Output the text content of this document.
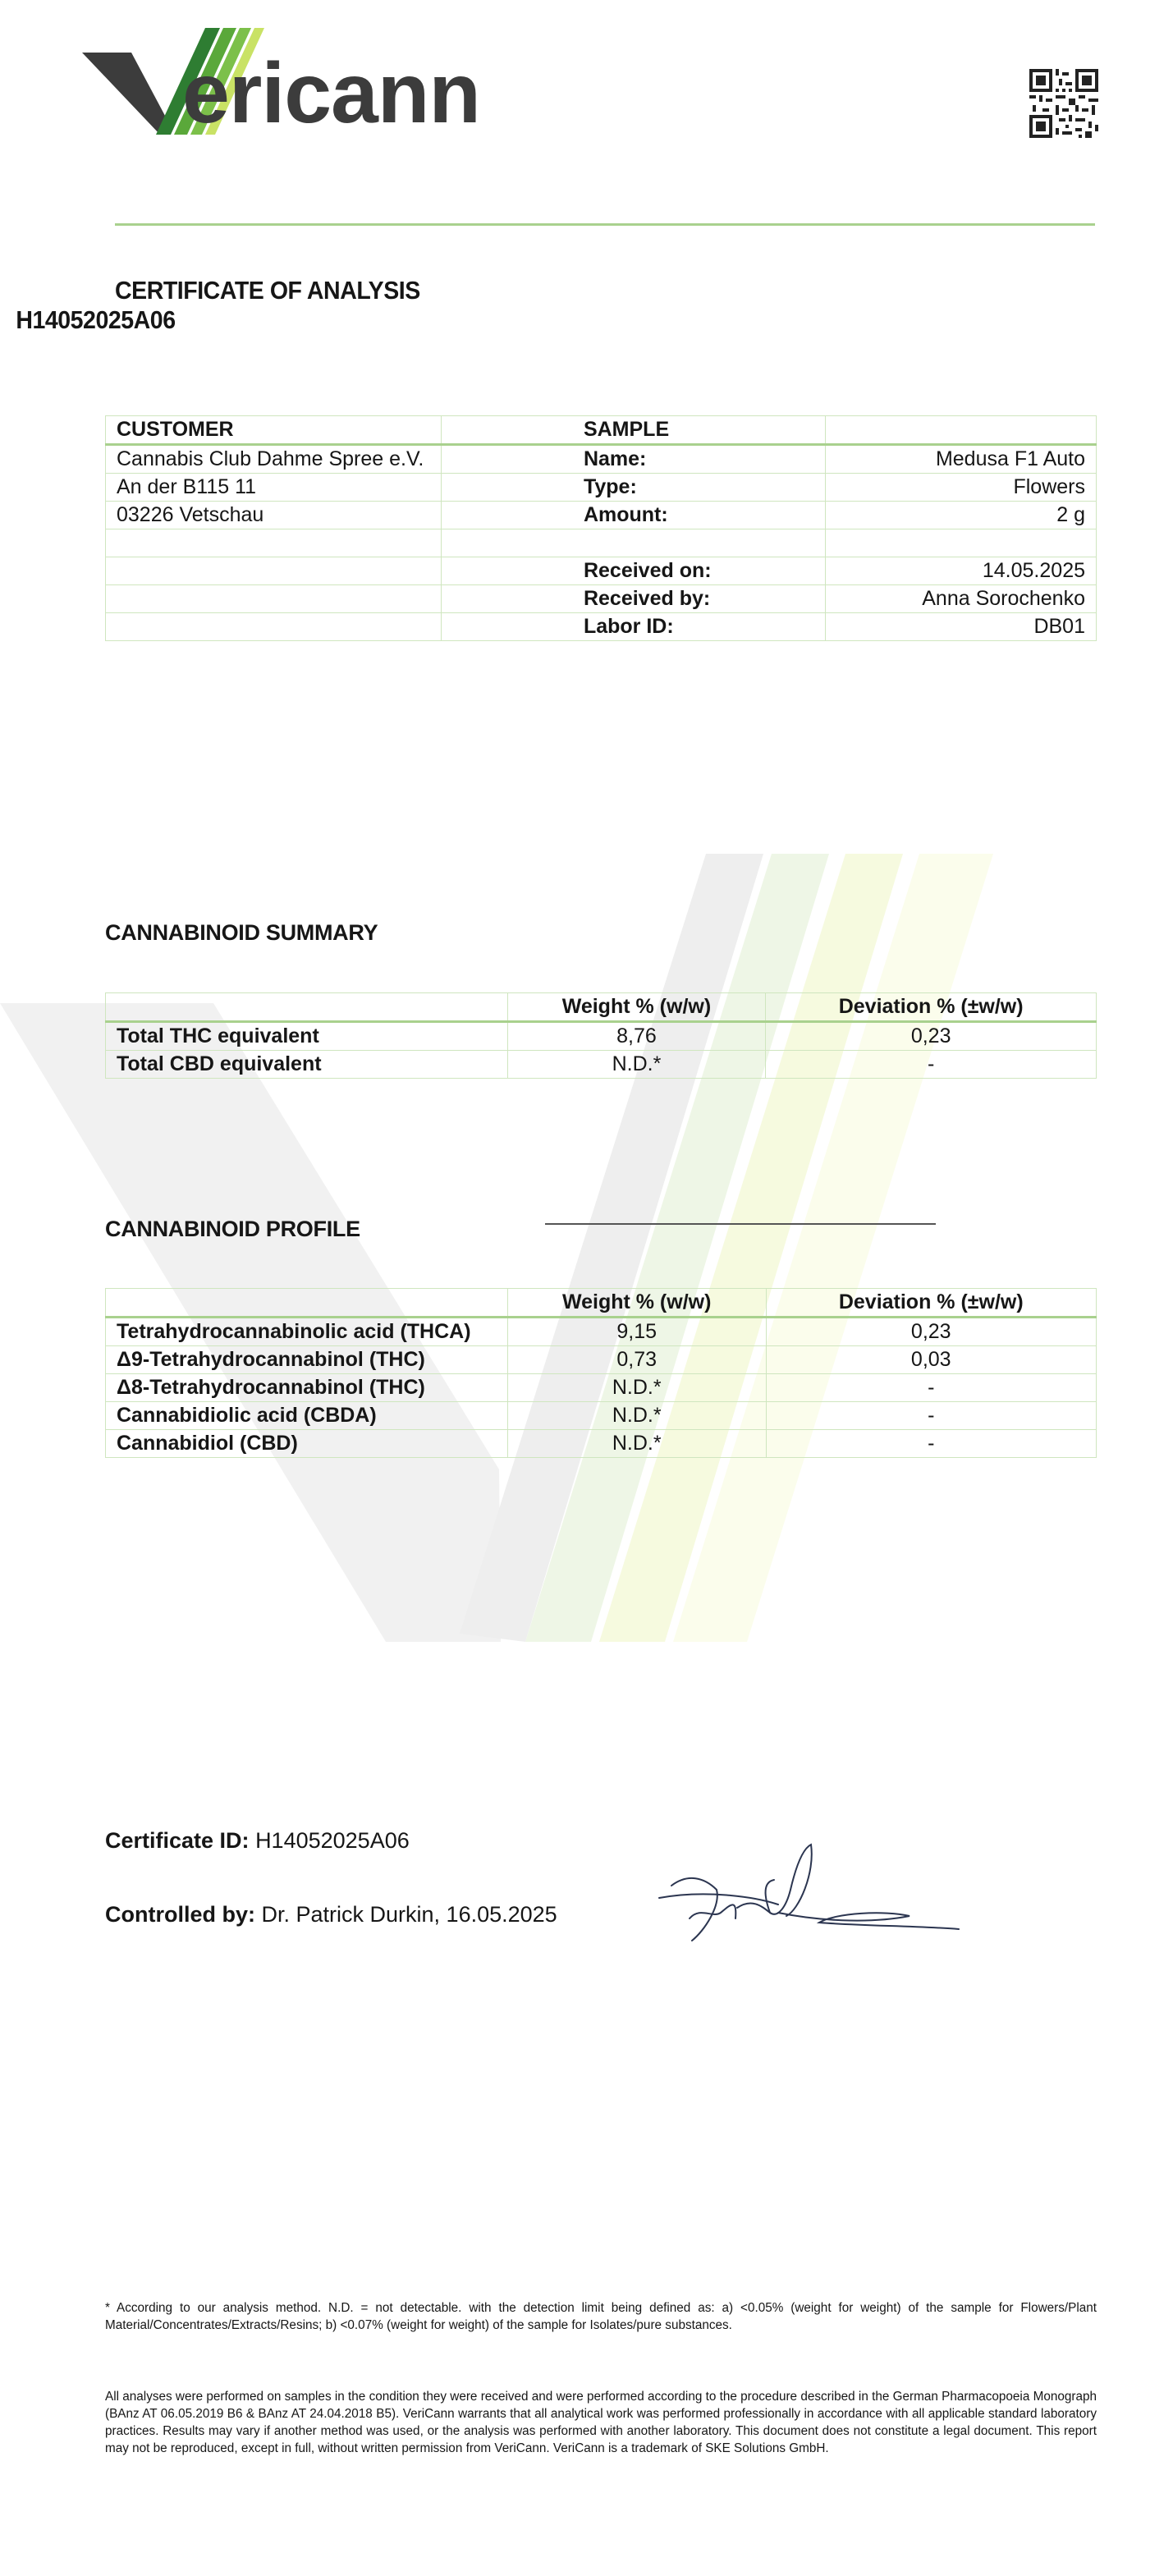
ericann
CERTIFICATE OF ANALYSIS
H14052025A06
CUSTOMER	SAMPLE	
Cannabis Club Dahme Spree e.V.	Name:	Medusa F1 Auto
An der B115 11	Type:	Flowers
03226 Vetschau	Amount:	2 g

	Received on:	14.05.2025
	Received by:	Anna Sorochenko
	Labor ID:	DB01
CANNABINOID SUMMARY
	Weight % (w/w)	Deviation % (±w/w)
Total THC equivalent	8,76	0,23
Total CBD equivalent	N.D.*	-
CANNABINOID PROFILE
	Weight % (w/w)	Deviation % (±w/w)
Tetrahydrocannabinolic acid (THCA)	9,15	0,23
Δ9-Tetrahydrocannabinol (THC)	0,73	0,03
Δ8-Tetrahydrocannabinol (THC)	N.D.*	-
Cannabidiolic acid (CBDA)	N.D.*	-
Cannabidiol (CBD)	N.D.*	-
Certificate ID: H14052025A06
Controlled by: Dr. Patrick Durkin, 16.05.2025
* According to our analysis method. N.D. = not detectable. with the detection limit being defined as: a) <0.05% (weight for weight) of the sample for Flowers/Plant Material/Concentrates/Extracts/Resins; b) <0.07% (weight for weight) of the sample for Isolates/pure substances.
All analyses were performed on samples in the condition they were received and were performed according to the procedure described in the German Pharmacopoeia Monograph (BAnz AT 06.05.2019 B6 & BAnz AT 24.04.2018 B5). VeriCann warrants that all analytical work was performed professionally in accordance with all applicable standard laboratory practices. Results may vary if another method was used, or the analysis was performed with another laboratory. This document does not constitute a legal document. This report may not be reproduced, except in full, without written permission from VeriCann. VeriCann is a trademark of SKE Solutions GmbH.
